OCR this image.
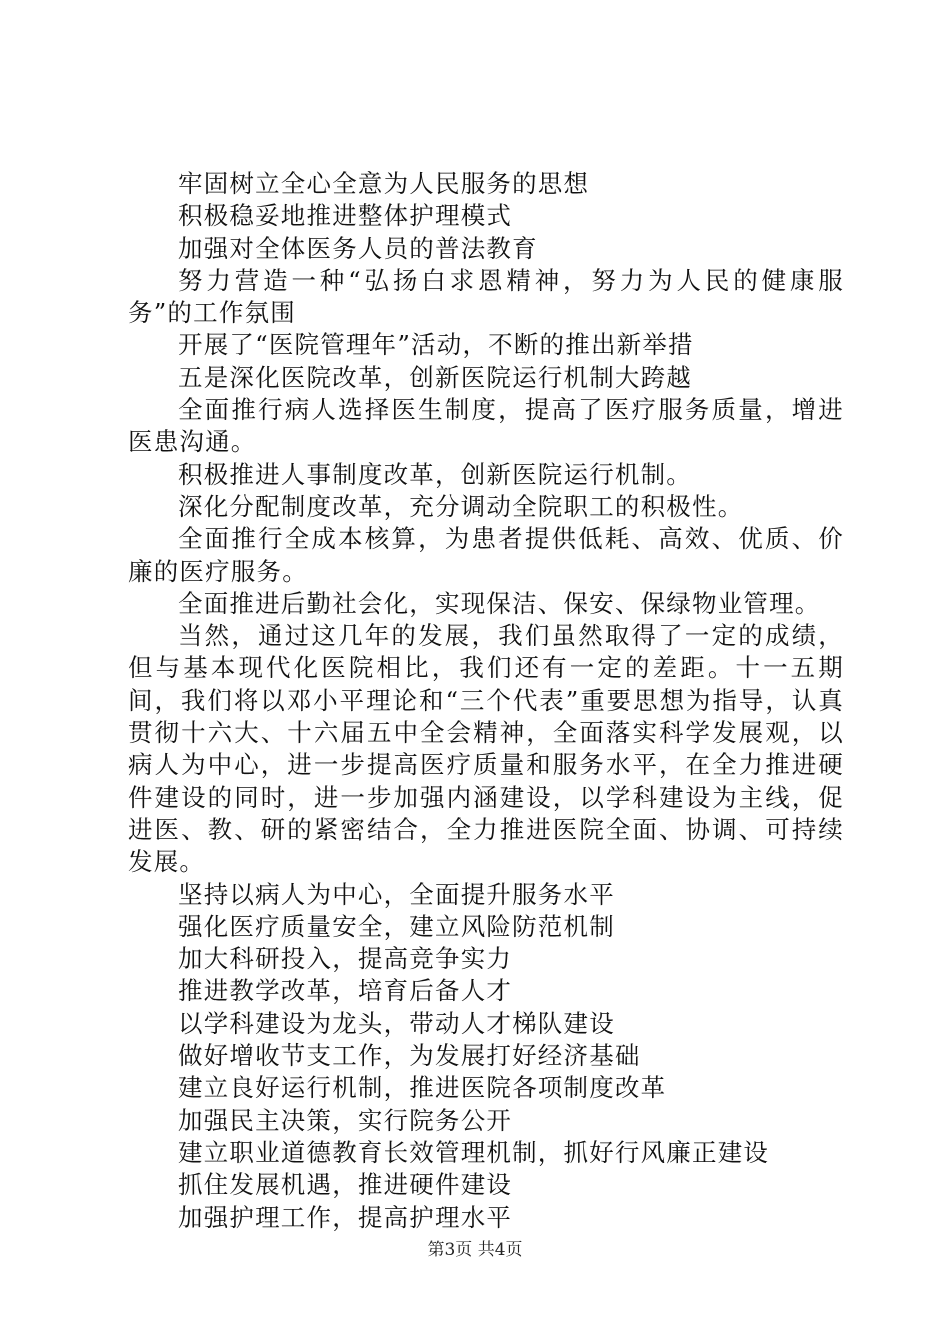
牢固树立全心全意为人民服务的思想

积极稳妥地推进整体护理模式

加强对全体医务人员的普法教育

努力营造一种“弘扬白求恩精神，努力为人民的健康服务”的工作氛围

开展了“医院管理年”活动，不断的推出新举措

五是深化医院改革，创新医院运行机制大跨越

全面推行病人选择医生制度，提高了医疗服务质量，增进医患沟通。

积极推进人事制度改革，创新医院运行机制。

深化分配制度改革，充分调动全院职工的积极性。

全面推行全成本核算，为患者提供低耗、高效、优质、价廉的医疗服务。

全面推进后勤社会化，实现保洁、保安、保绿物业管理。

当然，通过这几年的发展，我们虽然取得了一定的成绩，但与基本现代化医院相比，我们还有一定的差距。十一五期间，我们将以邓小平理论和“三个代表”重要思想为指导，认真贯彻十六大、十六届五中全会精神，全面落实科学发展观，以病人为中心，进一步提高医疗质量和服务水平，在全力推进硬件建设的同时，进一步加强内涵建设，以学科建设为主线，促进医、教、研的紧密结合，全力推进医院全面、协调、可持续发展。

坚持以病人为中心，全面提升服务水平

强化医疗质量安全，建立风险防范机制

加大科研投入，提高竞争实力

推进教学改革，培育后备人才

以学科建设为龙头，带动人才梯队建设

做好增收节支工作，为发展打好经济基础

建立良好运行机制，推进医院各项制度改革

加强民主决策，实行院务公开

建立职业道德教育长效管理机制，抓好行风廉正建设

抓住发展机遇，推进硬件建设

加强护理工作，提高护理水平

第3页 共4页
